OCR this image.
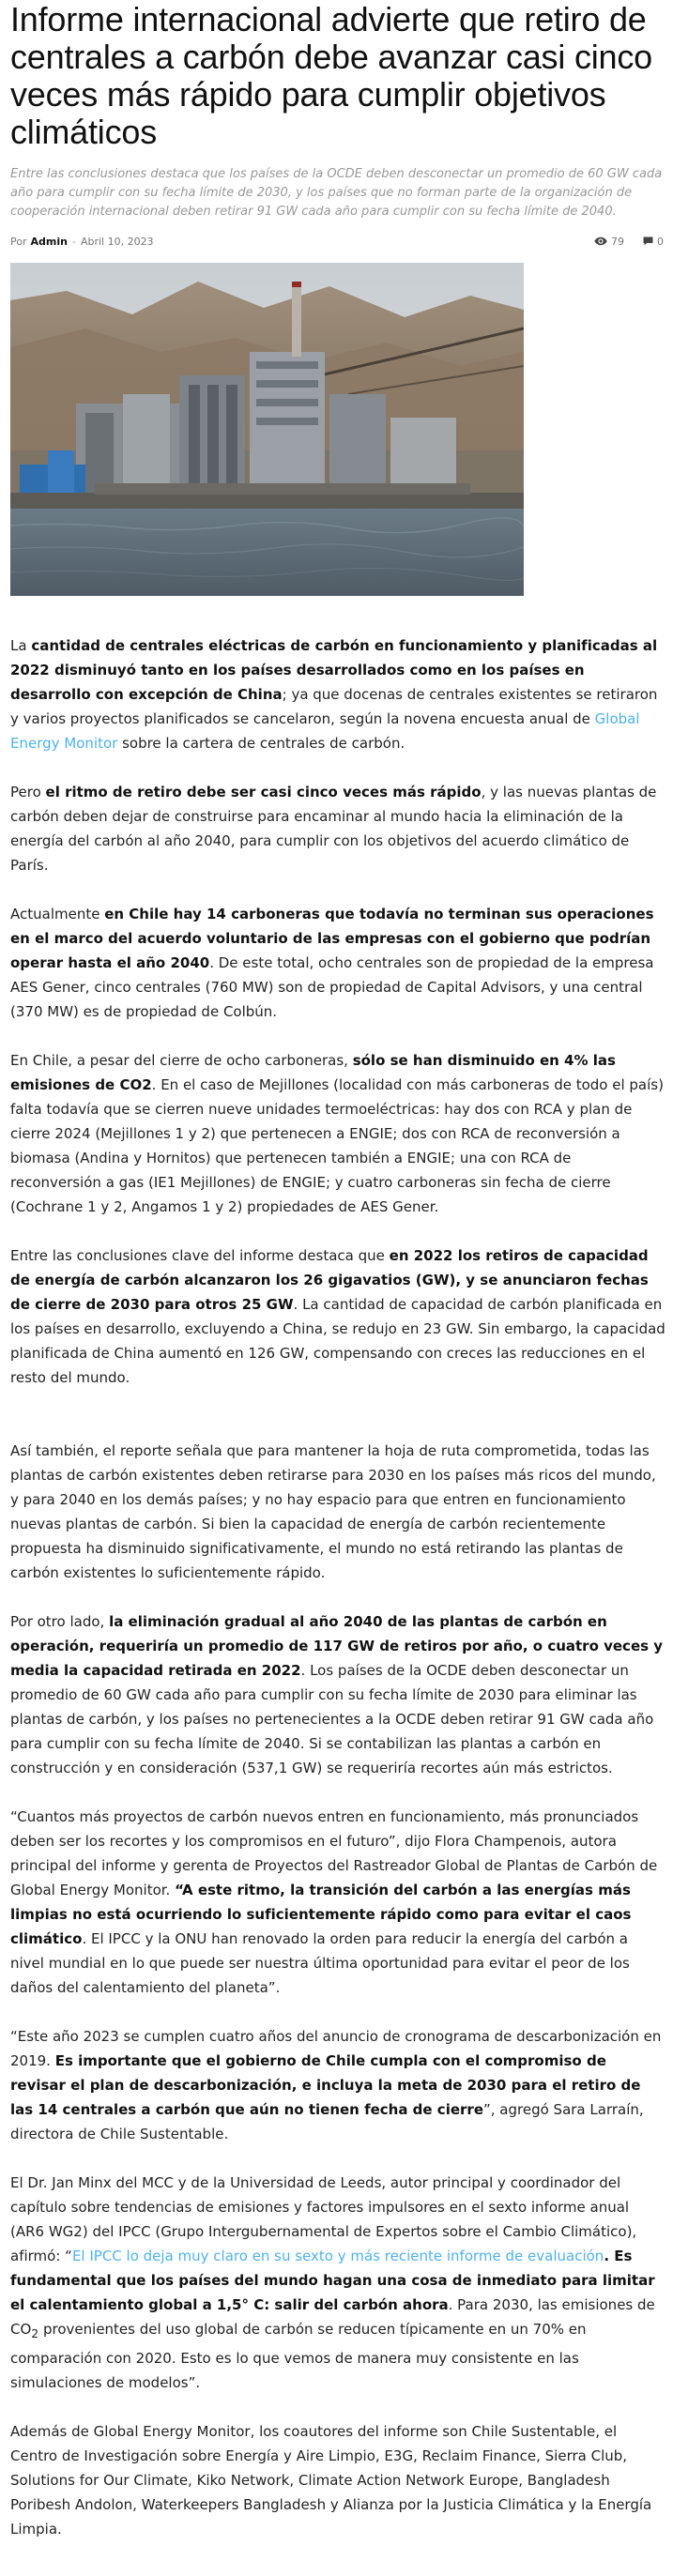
Informe internacional advierte que retiro de centrales a carbón debe avanzar casi cinco veces más rápido para cumplir objetivos climáticos
Entre las conclusiones destaca que los países de la OCDE deben desconectar un promedio de 60 GW cada año para cumplir con su fecha límite de 2030, y los países que no forman parte de la organización de cooperación internacional deben retirar 91 GW cada año para cumplir con su fecha límite de 2040.
Por Admin - Abril 10, 2023	79	0

La cantidad de centrales eléctricas de carbón en funcionamiento y planificadas al 2022 disminuyó tanto en los países desarrollados como en los países en desarrollo con excepción de China; ya que docenas de centrales existentes se retiraron y varios proyectos planificados se cancelaron, según la novena encuesta anual de Global Energy Monitor sobre la cartera de centrales de carbón.

Pero el ritmo de retiro debe ser casi cinco veces más rápido, y las nuevas plantas de carbón deben dejar de construirse para encaminar al mundo hacia la eliminación de la energía del carbón al año 2040, para cumplir con los objetivos del acuerdo climático de París.

Actualmente en Chile hay 14 carboneras que todavía no terminan sus operaciones en el marco del acuerdo voluntario de las empresas con el gobierno que podrían operar hasta el año 2040. De este total, ocho centrales son de propiedad de la empresa AES Gener, cinco centrales (760 MW) son de propiedad de Capital Advisors, y una central (370 MW) es de propiedad de Colbún.

En Chile, a pesar del cierre de ocho carboneras, sólo se han disminuido en 4% las emisiones de CO2. En el caso de Mejillones (localidad con más carboneras de todo el país) falta todavía que se cierren nueve unidades termoeléctricas: hay dos con RCA y plan de cierre 2024 (Mejillones 1 y 2) que pertenecen a ENGIE; dos con RCA de reconversión a biomasa (Andina y Hornitos) que pertenecen también a ENGIE; una con RCA de reconversión a gas (IE1 Mejillones) de ENGIE; y cuatro carboneras sin fecha de cierre (Cochrane 1 y 2, Angamos 1 y 2) propiedades de AES Gener.

Entre las conclusiones clave del informe destaca que en 2022 los retiros de capacidad de energía de carbón alcanzaron los 26 gigavatios (GW), y se anunciaron fechas de cierre de 2030 para otros 25 GW. La cantidad de capacidad de carbón planificada en los países en desarrollo, excluyendo a China, se redujo en 23 GW. Sin embargo, la capacidad planificada de China aumentó en 126 GW, compensando con creces las reducciones en el resto del mundo.

Así también, el reporte señala que para mantener la hoja de ruta comprometida, todas las plantas de carbón existentes deben retirarse para 2030 en los países más ricos del mundo, y para 2040 en los demás países; y no hay espacio para que entren en funcionamiento nuevas plantas de carbón. Si bien la capacidad de energía de carbón recientemente propuesta ha disminuido significativamente, el mundo no está retirando las plantas de carbón existentes lo suficientemente rápido.

Por otro lado, la eliminación gradual al año 2040 de las plantas de carbón en operación, requeriría un promedio de 117 GW de retiros por año, o cuatro veces y media la capacidad retirada en 2022. Los países de la OCDE deben desconectar un promedio de 60 GW cada año para cumplir con su fecha límite de 2030 para eliminar las plantas de carbón, y los países no pertenecientes a la OCDE deben retirar 91 GW cada año para cumplir con su fecha límite de 2040. Si se contabilizan las plantas a carbón en construcción y en consideración (537,1 GW) se requeriría recortes aún más estrictos.

“Cuantos más proyectos de carbón nuevos entren en funcionamiento, más pronunciados deben ser los recortes y los compromisos en el futuro”, dijo Flora Champenois, autora principal del informe y gerenta de Proyectos del Rastreador Global de Plantas de Carbón de Global Energy Monitor. “A este ritmo, la transición del carbón a las energías más limpias no está ocurriendo lo suficientemente rápido como para evitar el caos climático. El IPCC y la ONU han renovado la orden para reducir la energía del carbón a nivel mundial en lo que puede ser nuestra última oportunidad para evitar el peor de los daños del calentamiento del planeta”.

“Este año 2023 se cumplen cuatro años del anuncio de cronograma de descarbonización en 2019. Es importante que el gobierno de Chile cumpla con el compromiso de revisar el plan de descarbonización, e incluya la meta de 2030 para el retiro de las 14 centrales a carbón que aún no tienen fecha de cierre”, agregó Sara Larraín, directora de Chile Sustentable.

El Dr. Jan Minx del MCC y de la Universidad de Leeds, autor principal y coordinador del capítulo sobre tendencias de emisiones y factores impulsores en el sexto informe anual (AR6 WG2) del IPCC (Grupo Intergubernamental de Expertos sobre el Cambio Climático), afirmó: “El IPCC lo deja muy claro en su sexto y más reciente informe de evaluación. Es fundamental que los países del mundo hagan una cosa de inmediato para limitar el calentamiento global a 1,5° C: salir del carbón ahora. Para 2030, las emisiones de $CO_2$ provenientes del uso global de carbón se reducen típicamente en un 70% en comparación con 2020. Esto es lo que vemos de manera muy consistente en las simulaciones de modelos”.

Además de Global Energy Monitor, los coautores del informe son Chile Sustentable, el Centro de Investigación sobre Energía y Aire Limpio, E3G, Reclaim Finance, Sierra Club, Solutions for Our Climate, Kiko Network, Climate Action Network Europe, Bangladesh Poribesh Andolon, Waterkeepers Bangladesh y Alianza por la Justicia Climática y la Energía Limpia.
